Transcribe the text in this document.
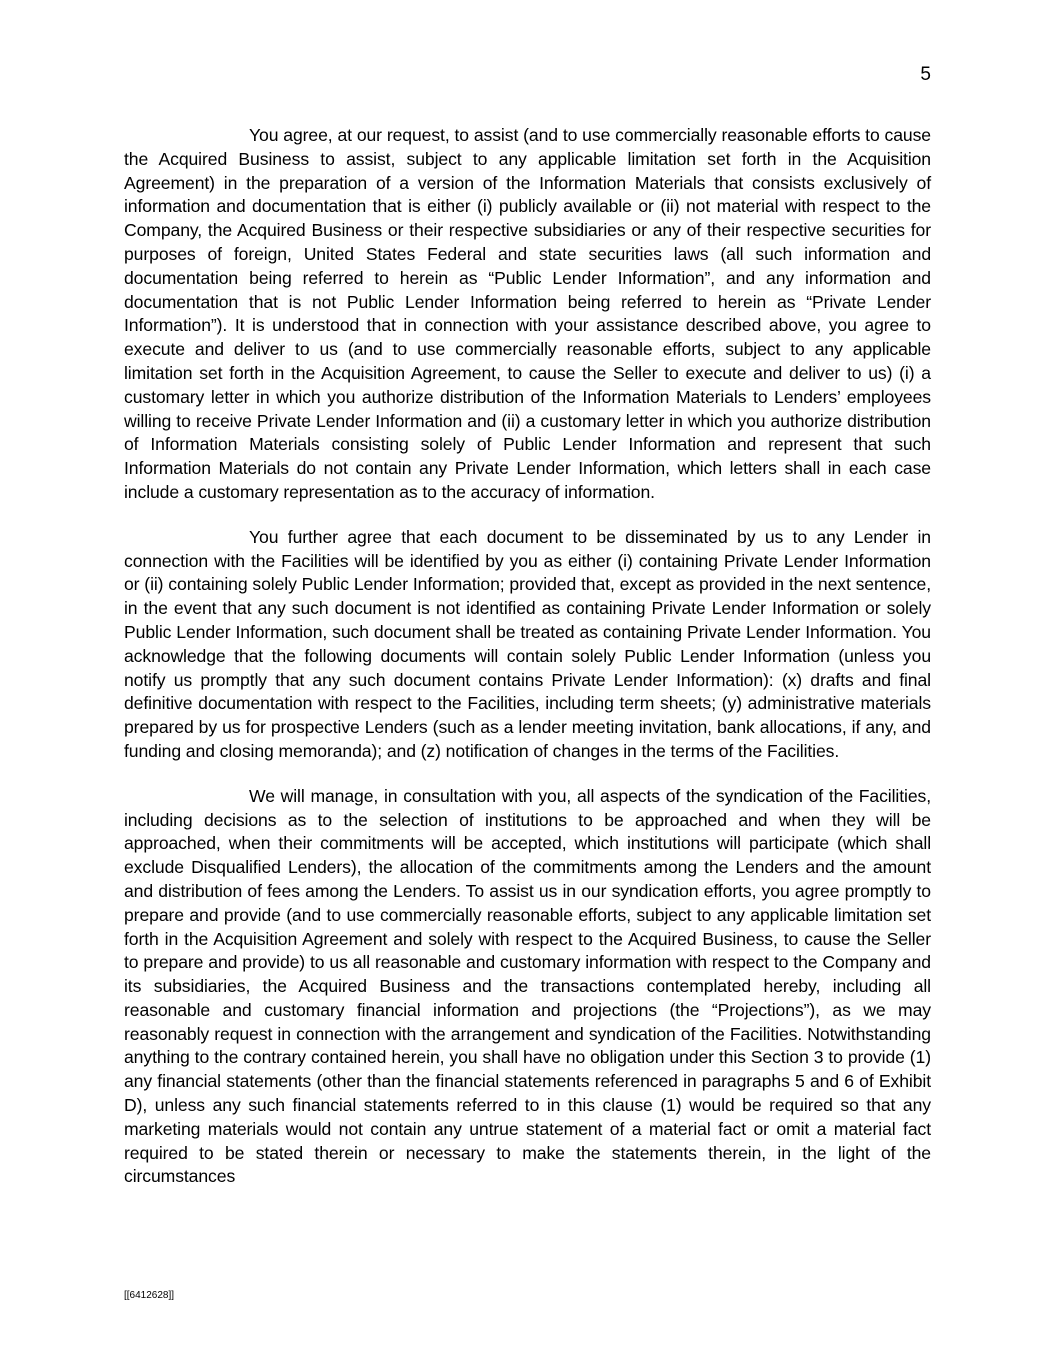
5

You agree, at our request, to assist (and to use commercially reasonable efforts to cause the Acquired Business to assist, subject to any applicable limitation set forth in the Acquisition Agreement) in the preparation of a version of the Information Materials that consists exclusively of information and documentation that is either (i) publicly available or (ii) not material with respect to the Company, the Acquired Business or their respective subsidiaries or any of their respective securities for purposes of foreign, United States Federal and state securities laws (all such information and documentation being referred to herein as “Public Lender Information”, and any information and documentation that is not Public Lender Information being referred to herein as “Private Lender Information”). It is understood that in connection with your assistance described above, you agree to execute and deliver to us (and to use commercially reasonable efforts, subject to any applicable limitation set forth in the Acquisition Agreement, to cause the Seller to execute and deliver to us) (i) a customary letter in which you authorize distribution of the Information Materials to Lenders’ employees willing to receive Private Lender Information and (ii) a customary letter in which you authorize distribution of Information Materials consisting solely of Public Lender Information and represent that such Information Materials do not contain any Private Lender Information, which letters shall in each case include a customary representation as to the accuracy of information.

You further agree that each document to be disseminated by us to any Lender in connection with the Facilities will be identified by you as either (i) containing Private Lender Information or (ii) containing solely Public Lender Information; provided that, except as provided in the next sentence, in the event that any such document is not identified as containing Private Lender Information or solely Public Lender Information, such document shall be treated as containing Private Lender Information. You acknowledge that the following documents will contain solely Public Lender Information (unless you notify us promptly that any such document contains Private Lender Information): (x) drafts and final definitive documentation with respect to the Facilities, including term sheets; (y) administrative materials prepared by us for prospective Lenders (such as a lender meeting invitation, bank allocations, if any, and funding and closing memoranda); and (z) notification of changes in the terms of the Facilities.

We will manage, in consultation with you, all aspects of the syndication of the Facilities, including decisions as to the selection of institutions to be approached and when they will be approached, when their commitments will be accepted, which institutions will participate (which shall exclude Disqualified Lenders), the allocation of the commitments among the Lenders and the amount and distribution of fees among the Lenders. To assist us in our syndication efforts, you agree promptly to prepare and provide (and to use commercially reasonable efforts, subject to any applicable limitation set forth in the Acquisition Agreement and solely with respect to the Acquired Business, to cause the Seller to prepare and provide) to us all reasonable and customary information with respect to the Company and its subsidiaries, the Acquired Business and the transactions contemplated hereby, including all reasonable and customary financial information and projections (the “Projections”), as we may reasonably request in connection with the arrangement and syndication of the Facilities. Notwithstanding anything to the contrary contained herein, you shall have no obligation under this Section 3 to provide (1) any financial statements (other than the financial statements referenced in paragraphs 5 and 6 of Exhibit D), unless any such financial statements referred to in this clause (1) would be required so that any marketing materials would not contain any untrue statement of a material fact or omit a material fact required to be stated therein or necessary to make the statements therein, in the light of the circumstances

[[6412628]]
